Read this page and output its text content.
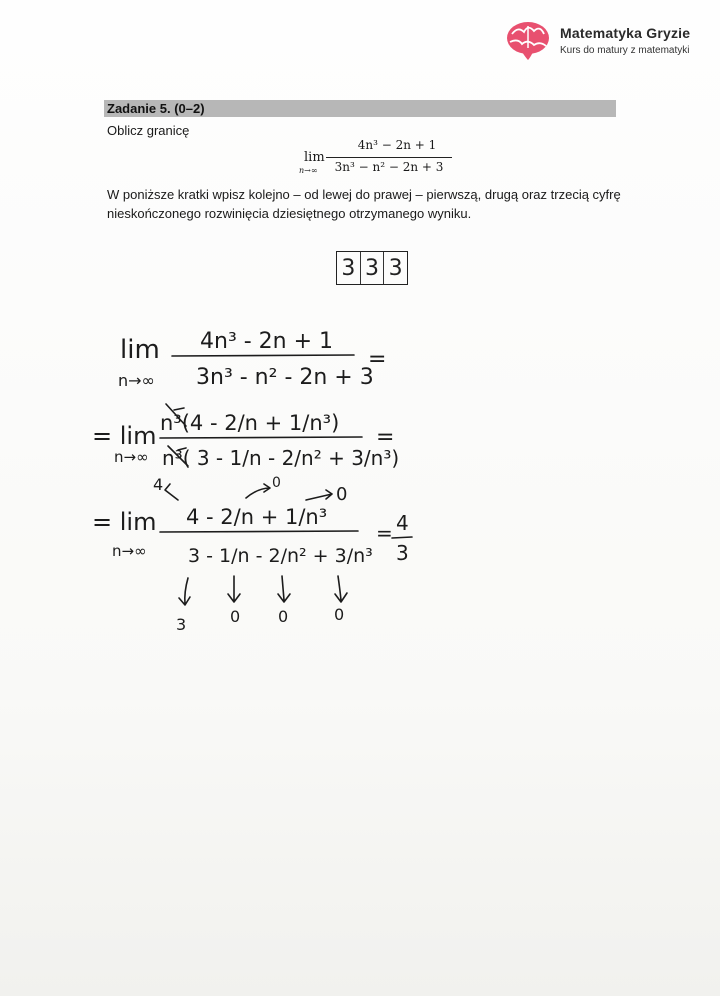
Matematyka Gryzie
Kurs do matury z matematyki
Zadanie 5. (0–2)
Oblicz granicę
lim
n→∞
4n³ − 2n + 1
3n³ − n² − 2n + 3
W poniższe kratki wpisz kolejno – od lewej do prawej – pierwszą, drugą oraz trzecią cyfrę nieskończonego rozwinięcia dziesiętnego otrzymanego wyniku.
3 3 3
lim
n→∞
4n³ - 2n + 1
3n³ - n² - 2n + 3
=
= lim
n→∞
n³(4 - 2/n + 1/n³)
n³( 3 - 1/n - 2/n² + 3/n³)
=
4	0
0
= lim
n→∞
4 - 2/n + 1/n³
3 - 1/n - 2/n² + 3/n³
= 4
3
3	0 0	0
